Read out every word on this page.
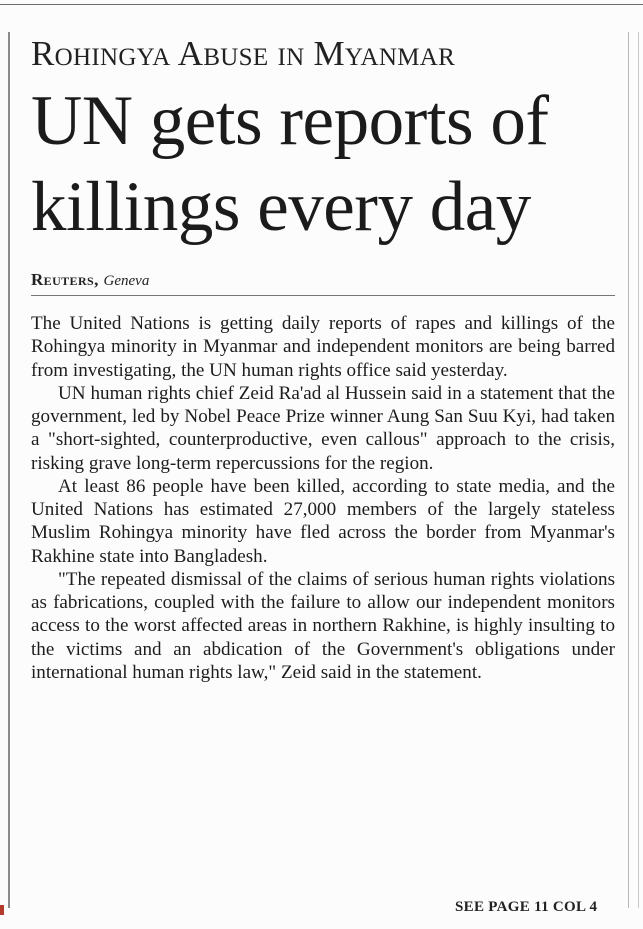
Rohingya Abuse in Myanmar
UN gets reports of killings every day
Reuters, Geneva

The United Nations is getting daily reports of rapes and killings of the Rohingya minority in Myanmar and independent monitors are being barred from investigating, the UN human rights office said yesterday.

UN human rights chief Zeid Ra'ad al Hussein said in a statement that the government, led by Nobel Peace Prize winner Aung San Suu Kyi, had taken a "short-sighted, counterproductive, even callous" approach to the crisis, risking grave long-term repercussions for the region.

At least 86 people have been killed, according to state media, and the United Nations has estimated 27,000 members of the largely stateless Muslim Rohingya minority have fled across the border from Myanmar's Rakhine state into Bangladesh.

"The repeated dismissal of the claims of serious human rights violations as fabrications, coupled with the failure to allow our independent monitors access to the worst affected areas in northern Rakhine, is highly insulting to the victims and an abdication of the Government's obligations under international human rights law," Zeid said in the statement.

SEE PAGE 11 COL 4
